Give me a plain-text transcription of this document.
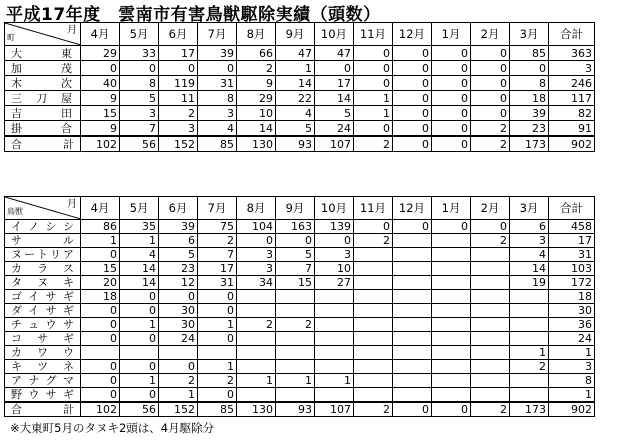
平成17年度　雲南市有害鳥獣駆除実績（頭数）
月
町	4月	5月	6月	7月	8月	9月	10月	11月	12月	1月	2月	3月	合計
大東	29	33	17	39	66	47	47	0	0	0	0	85	363
加茂	0	0	0	0	2	1	0	0	0	0	0	0	3
木次	40	8	119	31	9	14	17	0	0	0	0	8	246
三刀屋	9	5	11	8	29	22	14	1	0	0	0	18	117
吉田	15	3	2	3	10	4	5	1	0	0	0	39	82
掛合	9	7	3	4	14	5	24	0	0	0	2	23	91
合計	102	56	152	85	130	93	107	2	0	0	2	173	902
月
鳥獣	4月	5月	6月	7月	8月	9月	10月	11月	12月	1月	2月	3月	合計
イノシシ	86	35	39	75	104	163	139	0	0	0	0	6	458
サル	1	1	6	2	0	0	0	2			2	3	17
ヌートリア	0	4	5	7	3	5	3					4	31
カラス	15	14	23	17	3	7	10					14	103
タヌキ	20	14	12	31	34	15	27					19	172
ゴイサギ	18	0	0	0									18
ダイサギ	0	0	30	0									30
チュウサ	0	1	30	1	2	2							36
コサギ	0	0	24	0									24
カワウ												1	1
キツネ	0	0	0	1								2	3
アナグマ	0	1	2	2	1	1	1						8
野ウサギ	0	0	1	0									1
合計	102	56	152	85	130	93	107	2	0	0	2	173	902
※大東町5月のタヌキ2頭は、4月駆除分
